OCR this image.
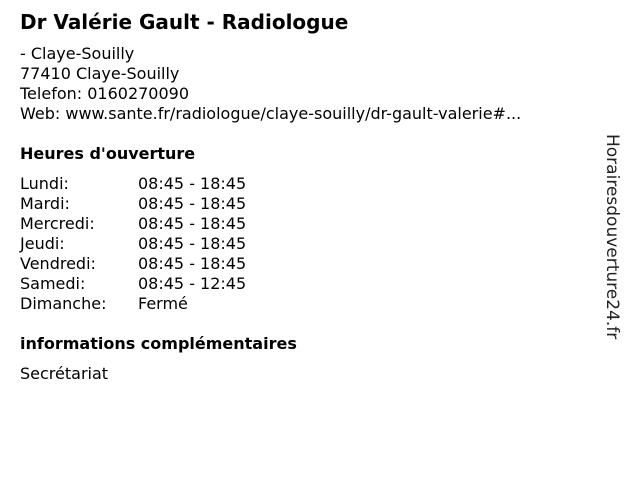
Dr Valérie Gault - Radiologue
- Claye-Souilly
77410 Claye-Souilly
Telefon: 0160270090
Web: www.sante.fr/radiologue/claye-souilly/dr-gault-valerie#...
Heures d'ouverture
Lundi:	08:45 - 18:45
Mardi:	08:45 - 18:45
Mercredi:	08:45 - 18:45
Jeudi:	08:45 - 18:45
Vendredi:	08:45 - 18:45
Samedi:	08:45 - 12:45
Dimanche: Fermé
informations complémentaires
Secrétariat
Horairesdouverture24.fr
